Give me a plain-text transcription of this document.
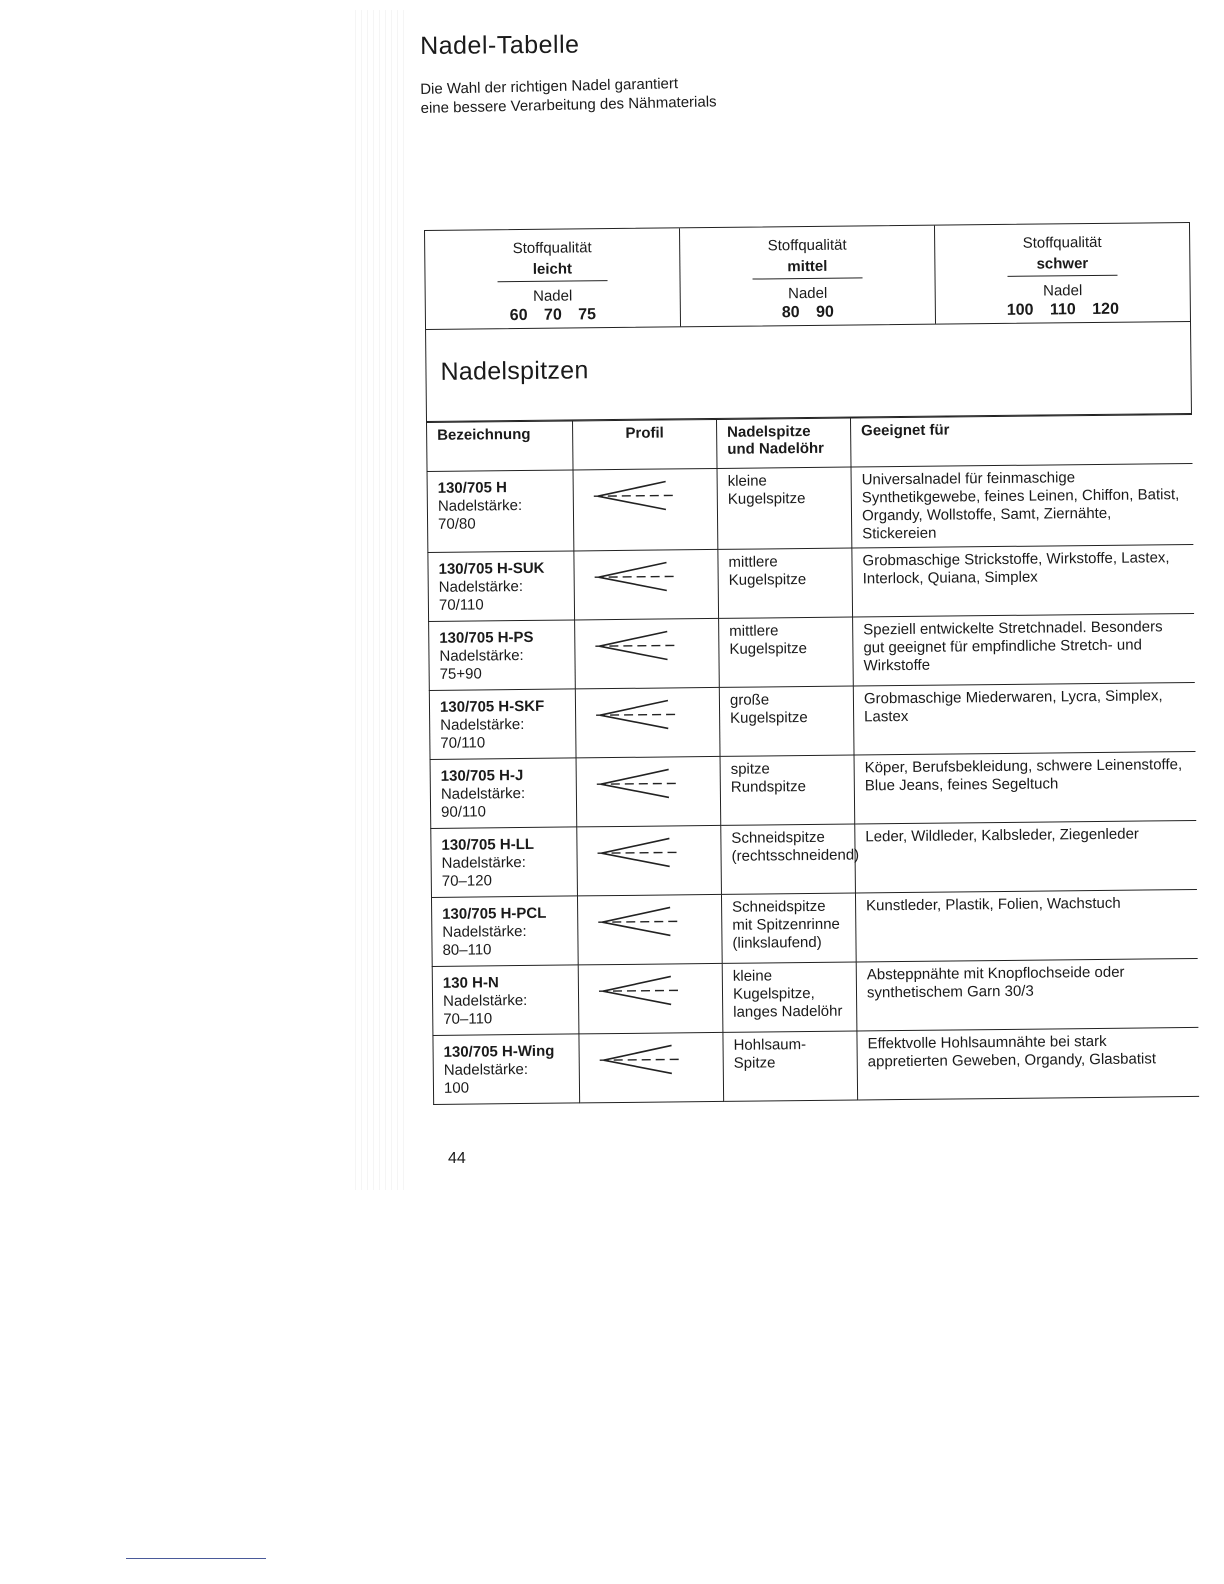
Nadel-Tabelle
Die Wahl der richtigen Nadel garantiert
eine bessere Verarbeitung des Nähmaterials
Stoffqualität
leicht
Nadel
60 70 75
Stoffqualität
mittel
Nadel
80 90
Stoffqualität
schwer
Nadel
100 110 120
Nadelspitzen
Bezeichnung	Profil	Nadelspitze und Nadelöhr	Geeignet für

130/705 H
Nadelstärke:
70/80		kleine Kugelspitze	Universalnadel für feinmaschige Synthetikgewebe, feines Leinen, Chiffon, Batist, Organdy, Wollstoffe, Samt, Ziernähte, Stickereien

130/705 H-SUK
Nadelstärke:
70/110		mittlere Kugelspitze	Grobmaschige Strickstoffe, Wirkstoffe, Lastex, Interlock, Quiana, Simplex

130/705 H-PS
Nadelstärke:
75+90		mittlere Kugelspitze	Speziell entwickelte Stretchnadel. Besonders gut geeignet für empfindliche Stretch- und Wirkstoffe

130/705 H-SKF
Nadelstärke:
70/110		große Kugelspitze	Grobmaschige Miederwaren, Lycra, Simplex, Lastex

130/705 H-J
Nadelstärke:
90/110		spitze Rundspitze	Köper, Berufsbekleidung, schwere Leinenstoffe, Blue Jeans, feines Segeltuch

130/705 H-LL
Nadelstärke:
70–120		Schneidspitze (rechtsschneidend)	Leder, Wildleder, Kalbsleder, Ziegenleder

130/705 H-PCL
Nadelstärke:
80–110		Schneidspitze mit Spitzenrinne (linkslaufend)	Kunstleder, Plastik, Folien, Wachstuch

130 H-N
Nadelstärke:
70–110		kleine Kugelspitze, langes Nadelöhr	Absteppnähte mit Knopflochseide oder synthetischem Garn 30/3

130/705 H-Wing
Nadelstärke:
100		Hohlsaum-Spitze	Effektvolle Hohlsaumnähte bei stark appretierten Geweben, Organdy, Glasbatist
44
